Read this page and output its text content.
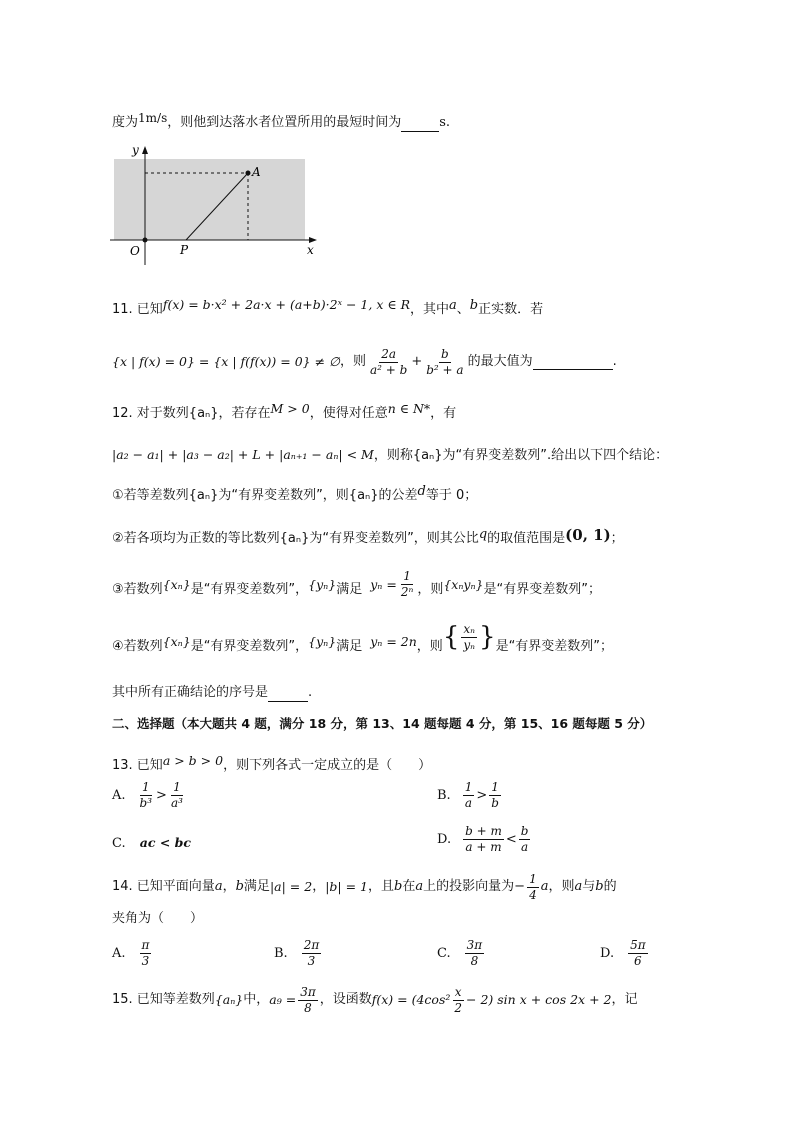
度为1m/s，则他到达落水者位置所用的最短时间为	s.
y
x
O	P
A
11. 已知f(x) = b·x² + 2a·x + (a+b)·2ˣ − 1, x ∈ R，其中a、b正实数．若
{x | f(x) = 0} = {x | f(f(x)) = 0} ≠ ∅ ，则 $\frac{2a}{\text{a² + b}} + \frac{b}{\text{b² + a}}$ 的最大值为	.
12. 对于数列{aₙ}，若存在M > 0，使得对任意n ∈ N*，有
|a₂ − a₁| + |a₃ − a₂| + L + |aₙ₊₁ − aₙ| < M，则称{aₙ}为“有界变差数列”.给出以下四个结论：
①若等差数列{aₙ}为“有界变差数列”，则{aₙ}的公差d等于 0；
②若各项均为正数的等比数列{aₙ}为“有界变差数列”，则其公比q的取值范围是(0, 1)；
③若数列 {xₙ} 是“有界变差数列”， {yₙ} 满足 $y_n = \frac{1}{\text{2ⁿ}}$ ，则 {xₙyₙ} 是“有界变差数列”；
④若数列 {xₙ} 是“有界变差数列”， {yₙ} 满足 yₙ = 2n ，则 { $\frac{\text{xₙ}}{\text{yₙ}}$ } 是“有界变差数列”；
其中所有正确结论的序号是	.
二、选择题（本大题共 4 题，满分 18 分，第 13、14 题每题 4 分，第 15、16 题每题 5 分）
13. 已知a > b > 0，则下列各式一定成立的是（　　）
A. $\frac{1}{\text{b³}} > \frac{1}{\text{a³}}$	B. $\frac{1}{a} > \frac{1}{b}$
C. ac < bc	D. $\frac{b + m}{a + m} < \frac{b}{a}$
14. 已知平面向量 a ， b 满足 |a| = 2 ， |b| = 1 ，且 b 在 a 上的投影向量为 − $\frac{1}{4}$ a ，则 a 与 b 的
夹角为（　　）
A. $\frac{\pi}{3}$	B. $\frac{2\pi}{3}$	C. $\frac{3\pi}{8}$	D. $\frac{5\pi}{6}$
15. 已知等差数列 {aₙ} 中， $a_9 = \frac{3\pi}{8}$ ，设函数 $f(x) = (4\cos^2 \frac{x}{2} - 2)$ sin x + cos 2x + 2 ，记
